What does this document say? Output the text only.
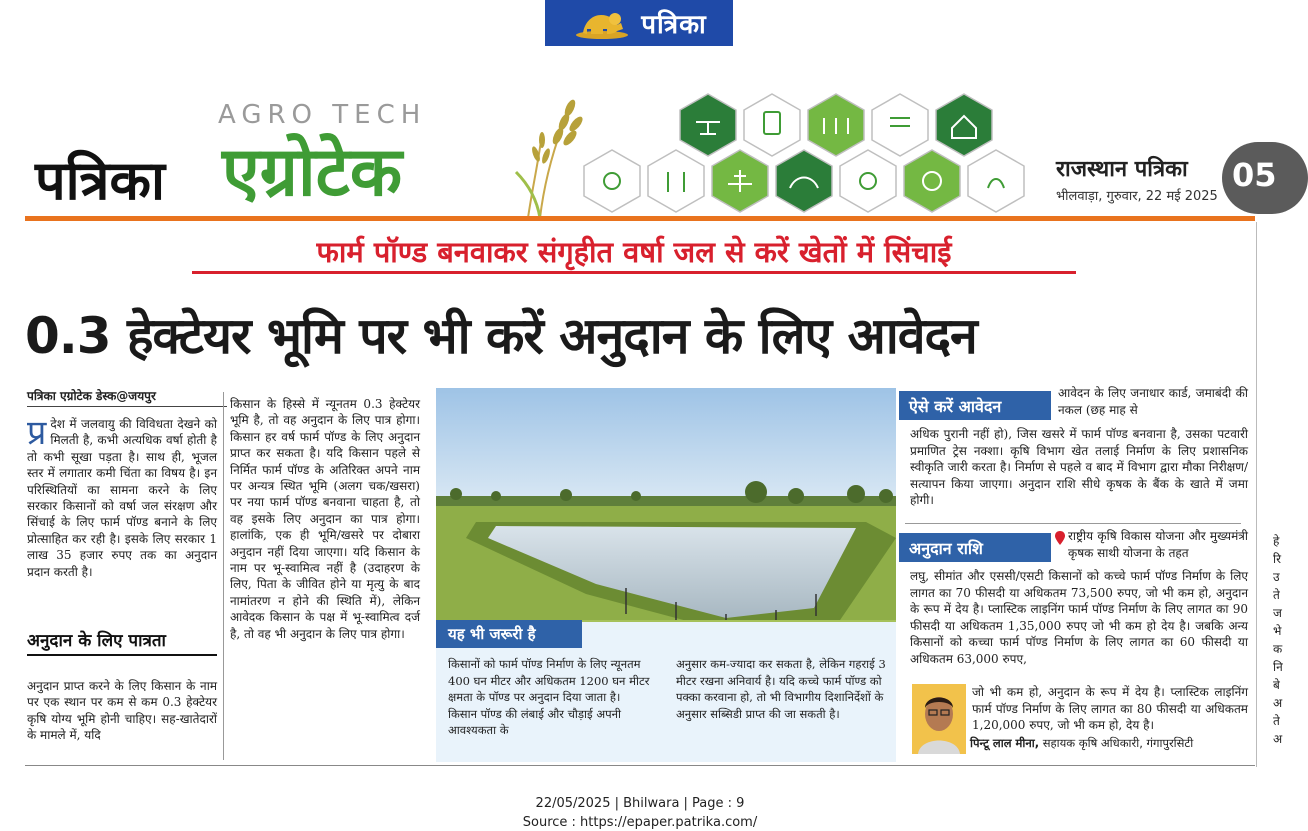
पत्रिका
AGRO TECH
पत्रिका एग्रोटेक	राजस्थान पत्रिका
भीलवाड़ा, गुरुवार, 22 मई 2025
05
फार्म पॉण्ड बनवाकर संगृहीत वर्षा जल से करें खेतों में सिंचाई
0.3 हेक्टेयर भूमि पर भी करें अनुदान के लिए आवेदन
पत्रिका एग्रोटेक डेस्क@जयपुर
प्र देश में जलवायु की विविधता देखने को मिलती है, कभी अत्यधिक वर्षा होती है तो कभी सूखा पड़ता है। साथ ही, भूजल स्तर में लगातार कमी चिंता का विषय है। इन परिस्थितियों का सामना करने के लिए सरकार किसानों को वर्षा जल संरक्षण और सिंचाई के लिए फार्म पॉण्ड बनाने के लिए प्रोत्साहित कर रही है। इसके लिए सरकार 1 लाख 35 हजार रुपए तक का अनुदान प्रदान करती है।
अनुदान के लिए पात्रता
अनुदान प्राप्त करने के लिए किसान के नाम पर एक स्थान पर कम से कम 0.3 हेक्टेयर कृषि योग्य भूमि होनी चाहिए। सह-खातेदारों के मामले में, यदि
किसान के हिस्से में न्यूनतम 0.3 हेक्टेयर भूमि है, तो वह अनुदान के लिए पात्र होगा। किसान हर वर्ष फार्म पॉण्ड के लिए अनुदान प्राप्त कर सकता है। यदि किसान पहले से निर्मित फार्म पॉण्ड के अतिरिक्त अपने नाम पर अन्यत्र स्थित भूमि (अलग चक/खसरा) पर नया फार्म पॉण्ड बनवाना चाहता है, तो वह इसके लिए अनुदान का पात्र होगा। हालांकि, एक ही भूमि/खसरे पर दोबारा अनुदान नहीं दिया जाएगा। यदि किसान के नाम पर भू-स्वामित्व नहीं है (उदाहरण के लिए, पिता के जीवित होने या मृत्यु के बाद नामांतरण न होने की स्थिति में), लेकिन आवेदक किसान के पक्ष में भू-स्वामित्व दर्ज है, तो वह भी अनुदान के लिए पात्र होगा।	यह भी जरूरी है
किसानों को फार्म पॉण्ड निर्माण के लिए न्यूनतम 400 घन मीटर और अधिकतम 1200 घन मीटर क्षमता के पॉण्ड पर अनुदान दिया जाता है। किसान पॉण्ड की लंबाई और चौड़ाई अपनी आवश्यकता के
अनुसार कम-ज्यादा कर सकता है, लेकिन गहराई 3 मीटर रखना अनिवार्य है। यदि कच्चे फार्म पॉण्ड को पक्का करवाना हो, तो भी विभागीय दिशानिर्देशों के अनुसार सब्सिडी प्राप्त की जा सकती है।
ऐसे करें आवेदन
आवेदन के लिए जनाधार कार्ड, जमाबंदी की नकल (छह माह से
अधिक पुरानी नहीं हो), जिस खसरे में फार्म पॉण्ड बनवाना है, उसका पटवारी प्रमाणित ट्रेस नक्शा। कृषि विभाग खेत तलाई निर्माण के लिए प्रशासनिक स्वीकृति जारी करता है। निर्माण से पहले व बाद में विभाग द्वारा मौका निरीक्षण/सत्यापन किया जाएगा। अनुदान राशि सीधे कृषक के बैंक के खाते में जमा होगी।
अनुदान राशि
राष्ट्रीय कृषि विकास योजना और मुख्यमंत्री कृषक साथी योजना के तहत
लघु, सीमांत और एससी/एसटी किसानों को कच्चे फार्म पॉण्ड निर्माण के लिए लागत का 70 फीसदी या अधिकतम 73,500 रुपए, जो भी कम हो, अनुदान के रूप में देय है। प्लास्टिक लाइनिंग फार्म पॉण्ड निर्माण के लिए लागत का 90 फीसदी या अधिकतम 1,35,000 रुपए जो भी कम हो देय है। जबकि अन्य किसानों को कच्चा फार्म पॉण्ड निर्माण के लिए लागत का 60 फीसदी या अधिकतम 63,000 रुपए,
जो भी कम हो, अनुदान के रूप में देय है। प्लास्टिक लाइनिंग फार्म पॉण्ड निर्माण के लिए लागत का 80 फीसदी या अधिकतम 1,20,000 रुपए, जो भी कम हो, देय है।
पिन्टू लाल मीना, सहायक कृषि अधिकारी, गंगापुरसिटी
हे
रि
उ
ते
ज
भे
क
नि
बे
अ
ते
अ
22/05/2025 | Bhilwara | Page : 9
Source : https://epaper.patrika.com/
